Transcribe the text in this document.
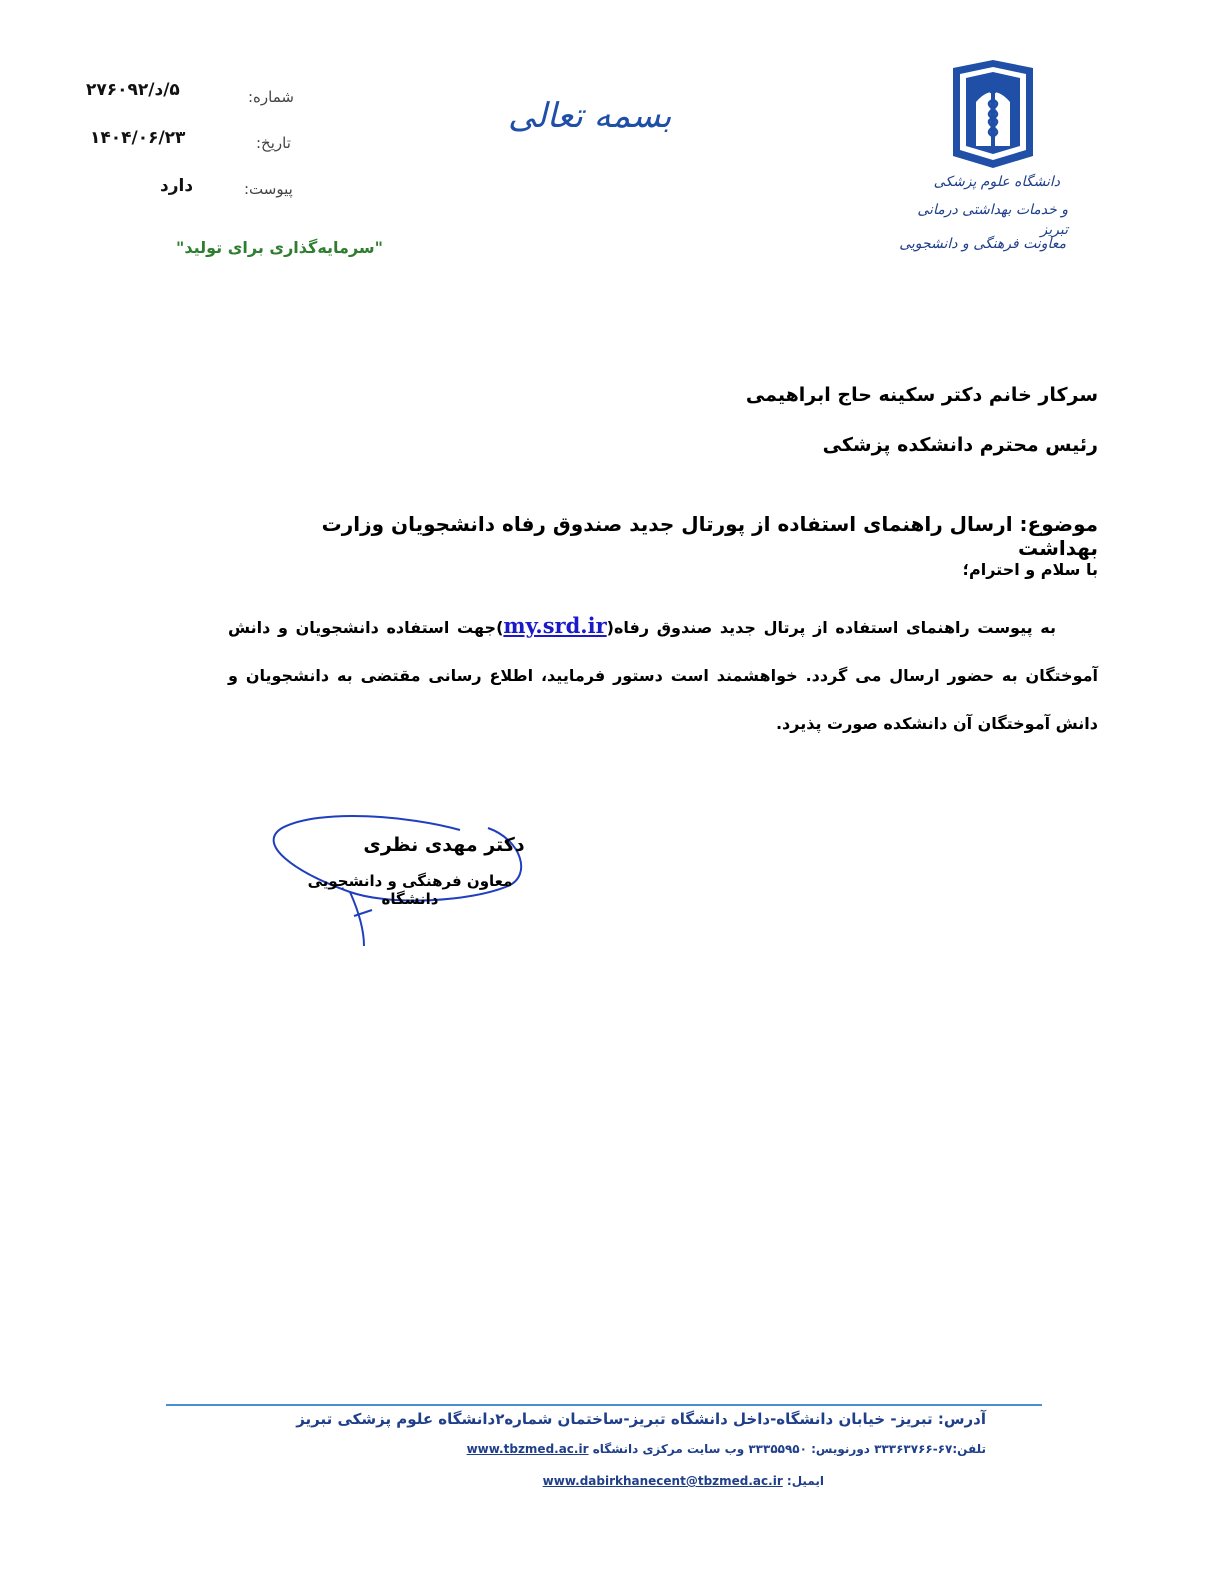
شماره:
۵/د/۲۷۶۰۹۲
تاریخ:
۱۴۰۴/۰۶/۲۳
پیوست:
دارد
"سرمایه‌گذاری برای تولید"
بسمه تعالی
دانشگاه علوم پزشکی
و خدمات بهداشتی درمانی تبریز
معاونت فرهنگی و دانشجویی
سرکار خانم دکتر سکینه حاج ابراهیمی
رئیس محترم دانشکده پزشکی
موضوع: ارسال راهنمای استفاده از پورتال جدید صندوق رفاه دانشجویان وزارت بهداشت
با سلام و احترام؛
به پیوست راهنمای استفاده از پرتال جدید صندوق رفاه(my.srd.ir)جهت استفاده دانشجویان و دانش آموختگان به حضور ارسال می گردد. خواهشمند است دستور فرمایید، اطلاع رسانی مقتضی به دانشجویان و دانش آموختگان آن دانشکده صورت پذیرد.
دکتر مهدی نظری
معاون فرهنگی و دانشجویی دانشگاه
آدرس: تبریز- خیابان دانشگاه-داخل دانشگاه تبریز-ساختمان شماره۲دانشگاه علوم پزشکی تبریز
تلفن:۶۷-۳۳۳۶۳۷۶۶ دورنویس: ۳۳۳۵۵۹۵۰ وب سایت مرکزی دانشگاه www.tbzmed.ac.ir
ایمیل: www.dabirkhanecent@tbzmed.ac.ir
